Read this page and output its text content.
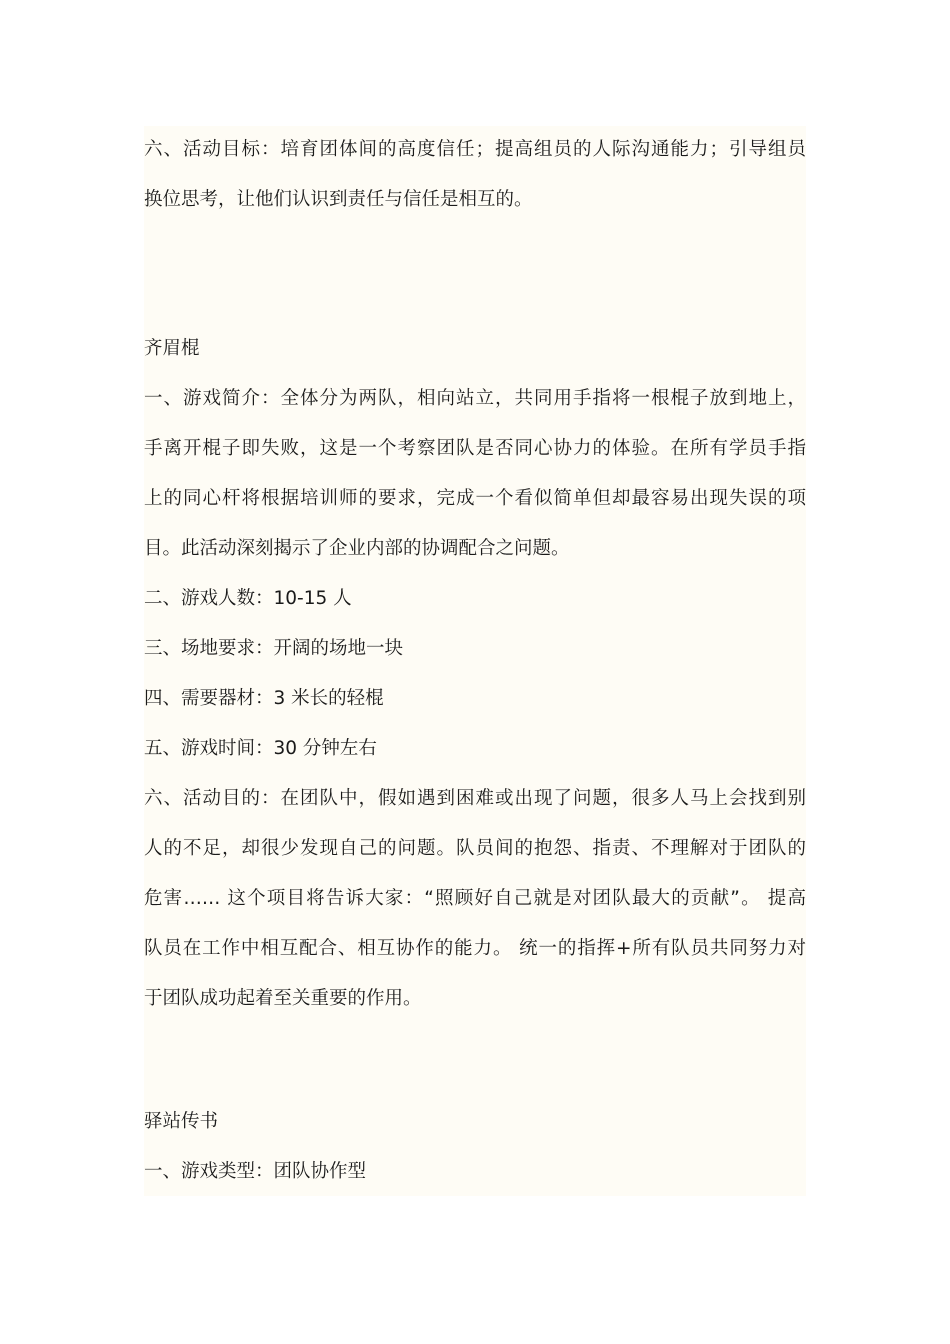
六、活动目标：培育团体间的高度信任；提高组员的人际沟通能力；引导组员
换位思考，让他们认识到责任与信任是相互的。
齐眉棍
一、游戏简介：全体分为两队，相向站立，共同用手指将一根棍子放到地上，
手离开棍子即失败，这是一个考察团队是否同心协力的体验。在所有学员手指
上的同心杆将根据培训师的要求，完成一个看似简单但却最容易出现失误的项
目。此活动深刻揭示了企业内部的协调配合之问题。
二、游戏人数：10-15 人
三、场地要求：开阔的场地一块
四、需要器材：3 米长的轻棍
五、游戏时间：30 分钟左右
六、活动目的：在团队中，假如遇到困难或出现了问题，很多人马上会找到别
人的不足，却很少发现自己的问题。队员间的抱怨、指责、不理解对于团队的
危害…… 这个项目将告诉大家：“照顾好自己就是对团队最大的贡献”。 提高
队员在工作中相互配合、相互协作的能力。 统一的指挥+所有队员共同努力对
于团队成功起着至关重要的作用。
驿站传书
一、游戏类型：团队协作型
